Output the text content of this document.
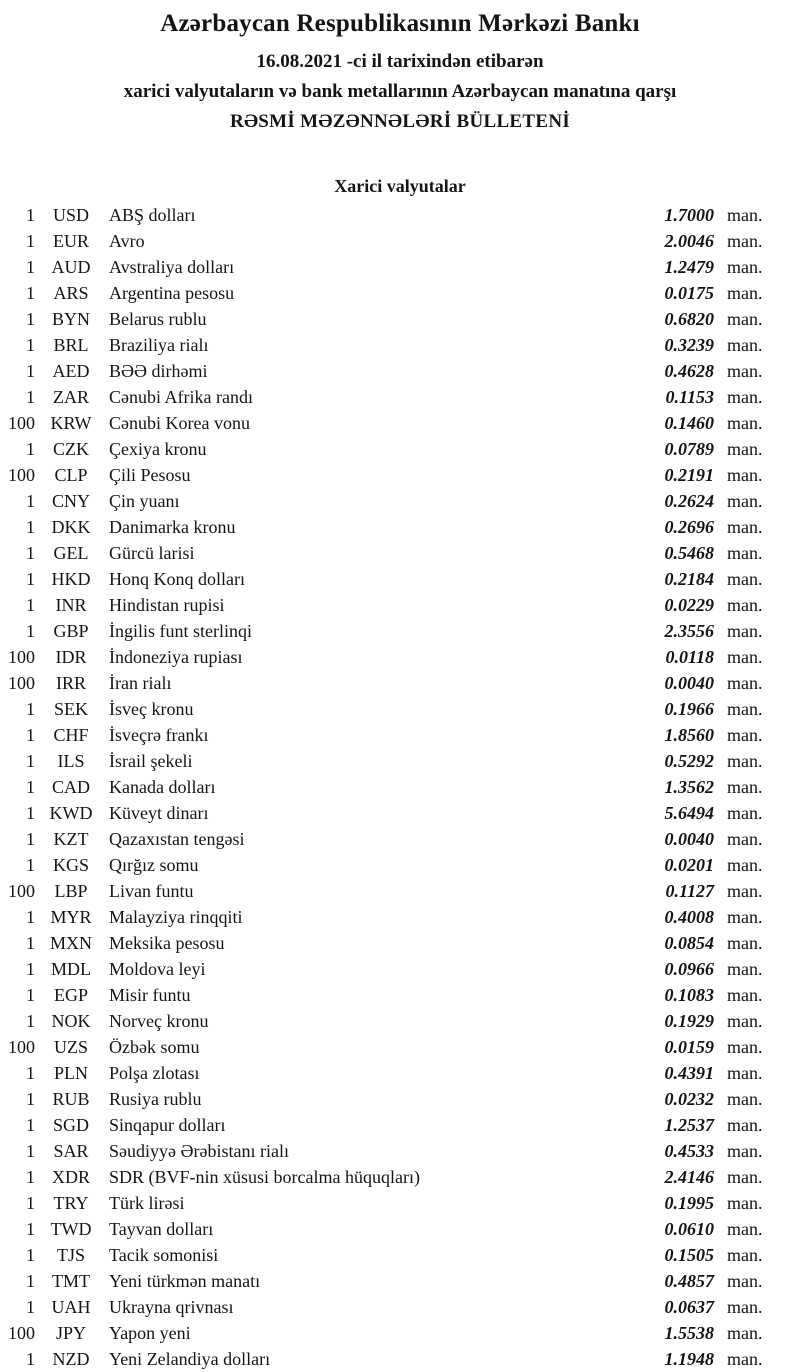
Azərbaycan Respublikasının Mərkəzi Bankı

16.08.2021 -ci il tarixindən etibarən

xarici valyutaların və bank metallarının Azərbaycan manatına qarşı

RƏSMİ MƏZƏNNƏLƏRİ BÜLLETENİ

Xarici valyutalar
1 USD	ABŞ dolları	1.7000 man.
1	EUR	Avro	2.0046 man.
1 AUD	Avstraliya dolları	1.2479 man.
1	ARS	Argentina pesosu	0.0175 man.
1 BYN	Belarus rublu	0.6820 man.
1	BRL	Braziliya rialı	0.3239 man.
1 AED	BƏƏ dirhəmi	0.4628 man.
1	ZAR	Cənubi Afrika randı	0.1153 man.
100 KRW Cənubi Korea vonu	0.1460 man.
1	CZK	Çexiya kronu	0.0789 man.
100	CLP	Çili Pesosu	0.2191 man.
1 CNY	Çin yuanı	0.2624 man.
1 DKK	Danimarka kronu	0.2696 man.
1	GEL	Gürcü larisi	0.5468 man.
1 HKD	Honq Konq dolları	0.2184 man.
1	INR	Hindistan rupisi	0.0229 man.
1	GBP	İngilis funt sterlinqi	2.3556 man.
100	IDR	İndoneziya rupiası	0.0118 man.
100	IRR	İran rialı	0.0040 man.
1	SEK	İsveç kronu	0.1966 man.
1	CHF	İsveçrə frankı	1.8560 man.
1	ILS	İsrail şekeli	0.5292 man.
1 CAD	Kanada dolları	1.3562 man.
1 KWD Küveyt dinarı	5.6494 man.
1	KZT	Qazaxıstan tengəsi	0.0040 man.
1 KGS	Qırğız somu	0.0201 man.
100	LBP	Livan funtu	0.1127 man.
1 MYR Malayziya rinqqiti	0.4008 man.
1 MXN Meksika pesosu	0.0854 man.
1 MDL	Moldova leyi	0.0966 man.
1	EGP	Misir funtu	0.1083 man.
1 NOK	Norveç kronu	0.1929 man.
100	UZS	Özbək somu	0.0159 man.
1	PLN	Polşa zlotası	0.4391 man.
1 RUB	Rusiya rublu	0.0232 man.
1 SGD	Sinqapur dolları	1.2537 man.
1	SAR	Səudiyyə Ərəbistanı rialı	0.4533 man.
1 XDR	SDR (BVF-nin xüsusi borcalma hüquqları)	2.4146 man.
1	TRY	Türk lirəsi	0.1995 man.
1 TWD Tayvan dolları	0.0610 man.
1	TJS	Tacik somonisi	0.1505 man.
1 TMT	Yeni türkmən manatı	0.4857 man.
1 UAH	Ukrayna qrivnası	0.0637 man.
100	JPY	Yapon yeni	1.5538 man.
1 NZD	Yeni Zelandiya dolları	1.1948 man.
